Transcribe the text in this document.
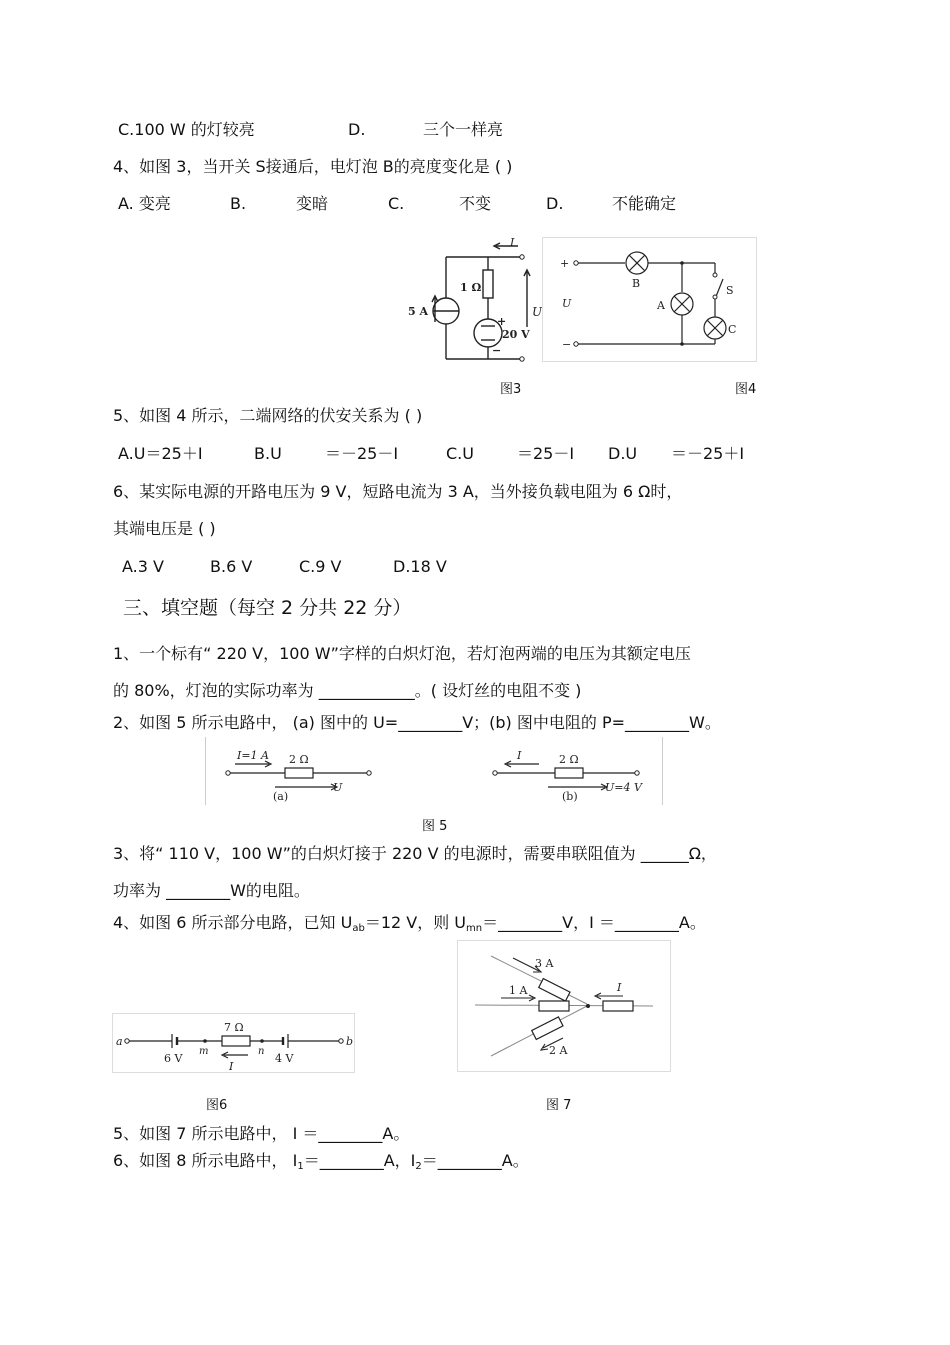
C.100 W 的灯较亮	D.	三个一样亮
4、如图 3，当开关 S接通后，电灯泡 B的亮度变化是 ( )
A. 变亮	B.	变暗	C.	不变	D.	不能确定
I
1 Ω
5 A
+
20 V
−
U
+
−
U
B
A
C
S
图3	图4
5、如图 4 所示，二端网络的伏安关系为 ( )
A.U＝25＋I	B.U	＝－25－I	C.U	＝25－I D.U ＝－25＋I
6、某实际电源的开路电压为 9 V，短路电流为 3 A，当外接负载电阻为 6 Ω时，
其端电压是 ( )
A.3 V	B.6 V	C.9 V	D.18 V
三、填空题（每空 2 分共 22 分）
1、一个标有“ 220 V，100 W”字样的白炽灯泡，若灯泡两端的电压为其额定电压
的 80%，灯泡的实际功率为 ____________。( 设灯丝的电阻不变 )
2、如图 5 所示电路中， (a) 图中的 U=________V；(b) 图中电阻的 P=________W。
I=1 A 2 Ω
(a)
U
I	2 Ω
(b)
U=4 V
图 5
3、将“ 110 V，100 W”的白炽灯接于 220 V 的电源时，需要串联阻值为 ______Ω，
功率为 ________W的电阻。
4、如图 6 所示部分电路，已知 $U_{ab}=12$ V，则 $U_{mn}=\_\_\_\_\_\_\_\_V$，I ＝________A。
3 A
1 A
2 A
I
a	b
6 V	4 V
7 Ω
m	n
I
图6	图 7
5、如图 7 所示电路中， I ＝________A。
6、如图 8 所示电路中， $I_1=\_\_\_\_\_\_\_\_A$，$I_2=\_\_\_\_\_\_\_\_A$。
